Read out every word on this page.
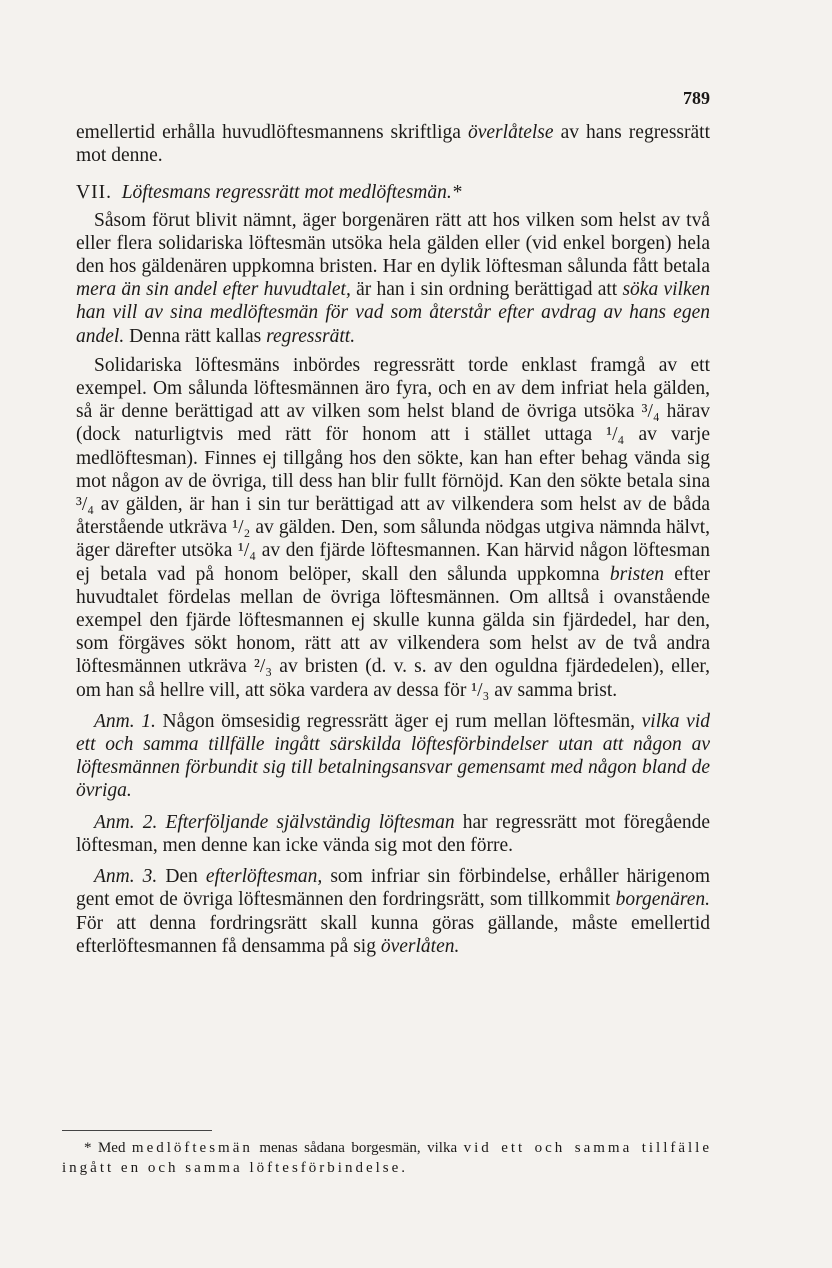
789

emellertid erhålla huvudlöftesmannens skriftliga överlåtelse av hans regressrätt mot denne.

VII. Löftesmans regressrätt mot medlöftesmän.*

Såsom förut blivit nämnt, äger borgenären rätt att hos vilken som helst av två eller flera solidariska löftesmän utsöka hela gälden eller (vid enkel borgen) hela den hos gäldenären uppkomna bristen. Har en dylik löftesman sålunda fått betala mera än sin andel efter huvudtalet, är han i sin ordning berättigad att söka vilken han vill av sina medlöftesmän för vad som återstår efter avdrag av hans egen andel. Denna rätt kallas regressrätt.

Solidariska löftesmäns inbördes regressrätt torde enklast framgå av ett exempel. Om sålunda löftesmännen äro fyra, och en av dem infriat hela gälden, så är denne berättigad att av vilken som helst bland de övriga utsöka ³/₄ härav (dock naturligtvis med rätt för honom att i stället uttaga ¹/₄ av varje medlöftesman). Finnes ej tillgång hos den sökte, kan han efter behag vända sig mot någon av de övriga, till dess han blir fullt förnöjd. Kan den sökte betala sina ³/₄ av gälden, är han i sin tur berättigad att av vilkendera som helst av de båda återstående utkräva ¹/₂ av gälden. Den, som sålunda nödgas utgiva nämnda hälvt, äger därefter utsöka ¹/₄ av den fjärde löftesmannen. Kan härvid någon löftesman ej betala vad på honom belöper, skall den sålunda uppkomna bristen efter huvudtalet fördelas mellan de övriga löftesmännen. Om alltså i ovanstående exempel den fjärde löftesmannen ej skulle kunna gälda sin fjärdedel, har den, som förgäves sökt honom, rätt att av vilkendera som helst av de två andra löftesmännen utkräva ²/₃ av bristen (d. v. s. av den oguldna fjärdedelen), eller, om han så hellre vill, att söka vardera av dessa för ¹/₃ av samma brist.

Anm. 1. Någon ömsesidig regressrätt äger ej rum mellan löftesmän, vilka vid ett och samma tillfälle ingått särskilda löftesförbindelser utan att någon av löftesmännen förbundit sig till betalningsansvar gemensamt med någon bland de övriga.

Anm. 2. Efterföljande självständig löftesman har regressrätt mot föregående löftesman, men denne kan icke vända sig mot den förre.

Anm. 3. Den efterlöftesman, som infriar sin förbindelse, erhåller härigenom gent emot de övriga löftesmännen den fordringsrätt, som tillkommit borgenären. För att denna fordringsrätt skall kunna göras gällande, måste emellertid efterlöftesmannen få densamma på sig överlåten.

* Med medlöftesmän menas sådana borgesmän, vilka vid ett och samma tillfälle ingått en och samma löftesförbindelse.
